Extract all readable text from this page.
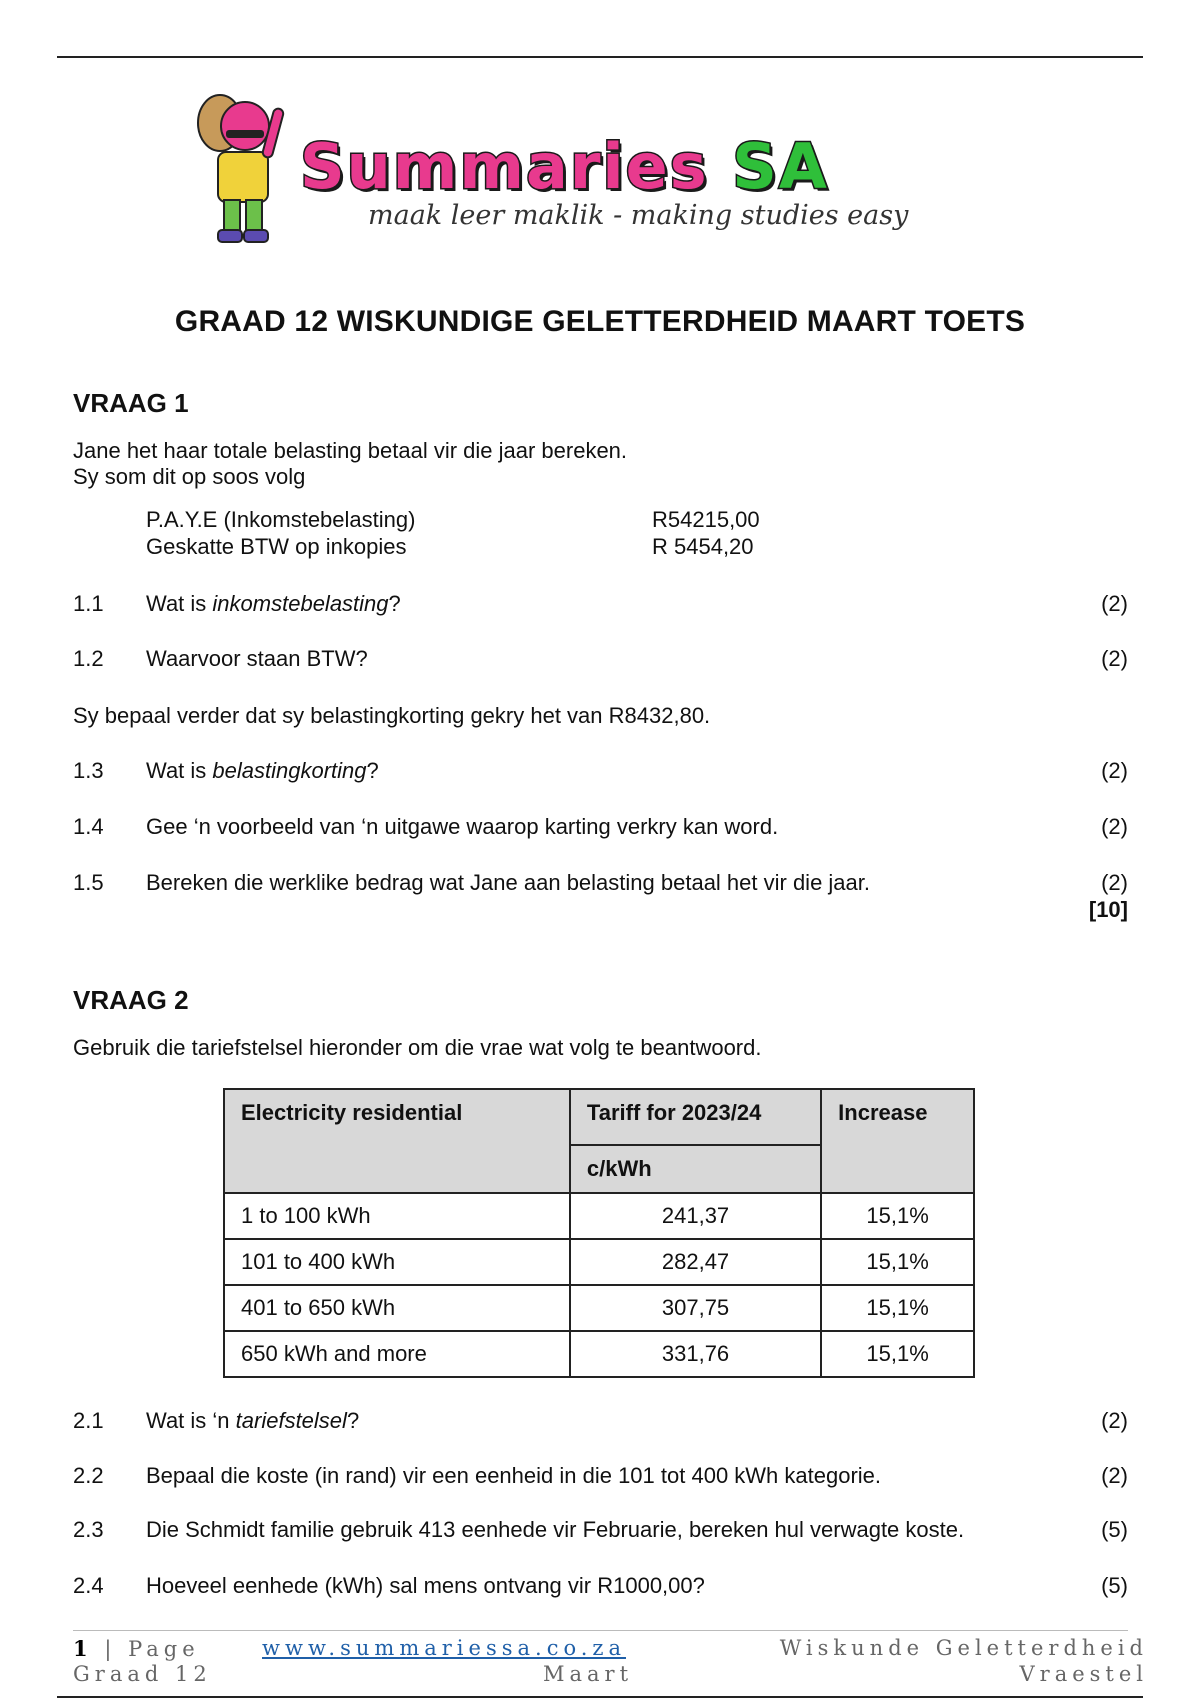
Summaries SA
maak leer maklik - making studies easy
GRAAD 12 WISKUNDIGE GELETTERDHEID MAART TOETS
VRAAG 1
Jane het haar totale belasting betaal vir die jaar bereken.
Sy som dit op soos volg
P.A.Y.E (Inkomstebelasting)	R54215,00
Geskatte BTW op inkopies	R 5454,20
1.1 Wat is inkomstebelasting?	(2)
1.2 Waarvoor staan BTW?	(2)
Sy bepaal verder dat sy belastingkorting gekry het van R8432,80.
1.3 Wat is belastingkorting?	(2)
1.4 Gee ‘n voorbeeld van ‘n uitgawe waarop karting verkry kan word.	(2)
1.5 Bereken die werklike bedrag wat Jane aan belasting betaal het vir die jaar.	(2)
[10]
VRAAG 2
Gebruik die tariefstelsel hieronder om die vrae wat volg te beantwoord.
Electricity residential	Tariff for 2023/24	Increase
	c/kWh	
1 to 100 kWh	241,37	15,1%
101 to 400 kWh	282,47	15,1%
401 to 650 kWh	307,75	15,1%
650 kWh and more	331,76	15,1%
2.1 Wat is ‘n tariefstelsel?	(2)
2.2 Bepaal die koste (in rand) vir een eenheid in die 101 tot 400 kWh kategorie.	(2)
2.3 Die Schmidt familie gebruik 413 eenhede vir Februarie, bereken hul verwagte koste.	(5)
2.4 Hoeveel eenhede (kWh) sal mens ontvang vir R1000,00?	(5)
1 | Page
Graad 12
www.summariessa.co.za
Maart
Wiskunde Geletterdheid
Vraestel
